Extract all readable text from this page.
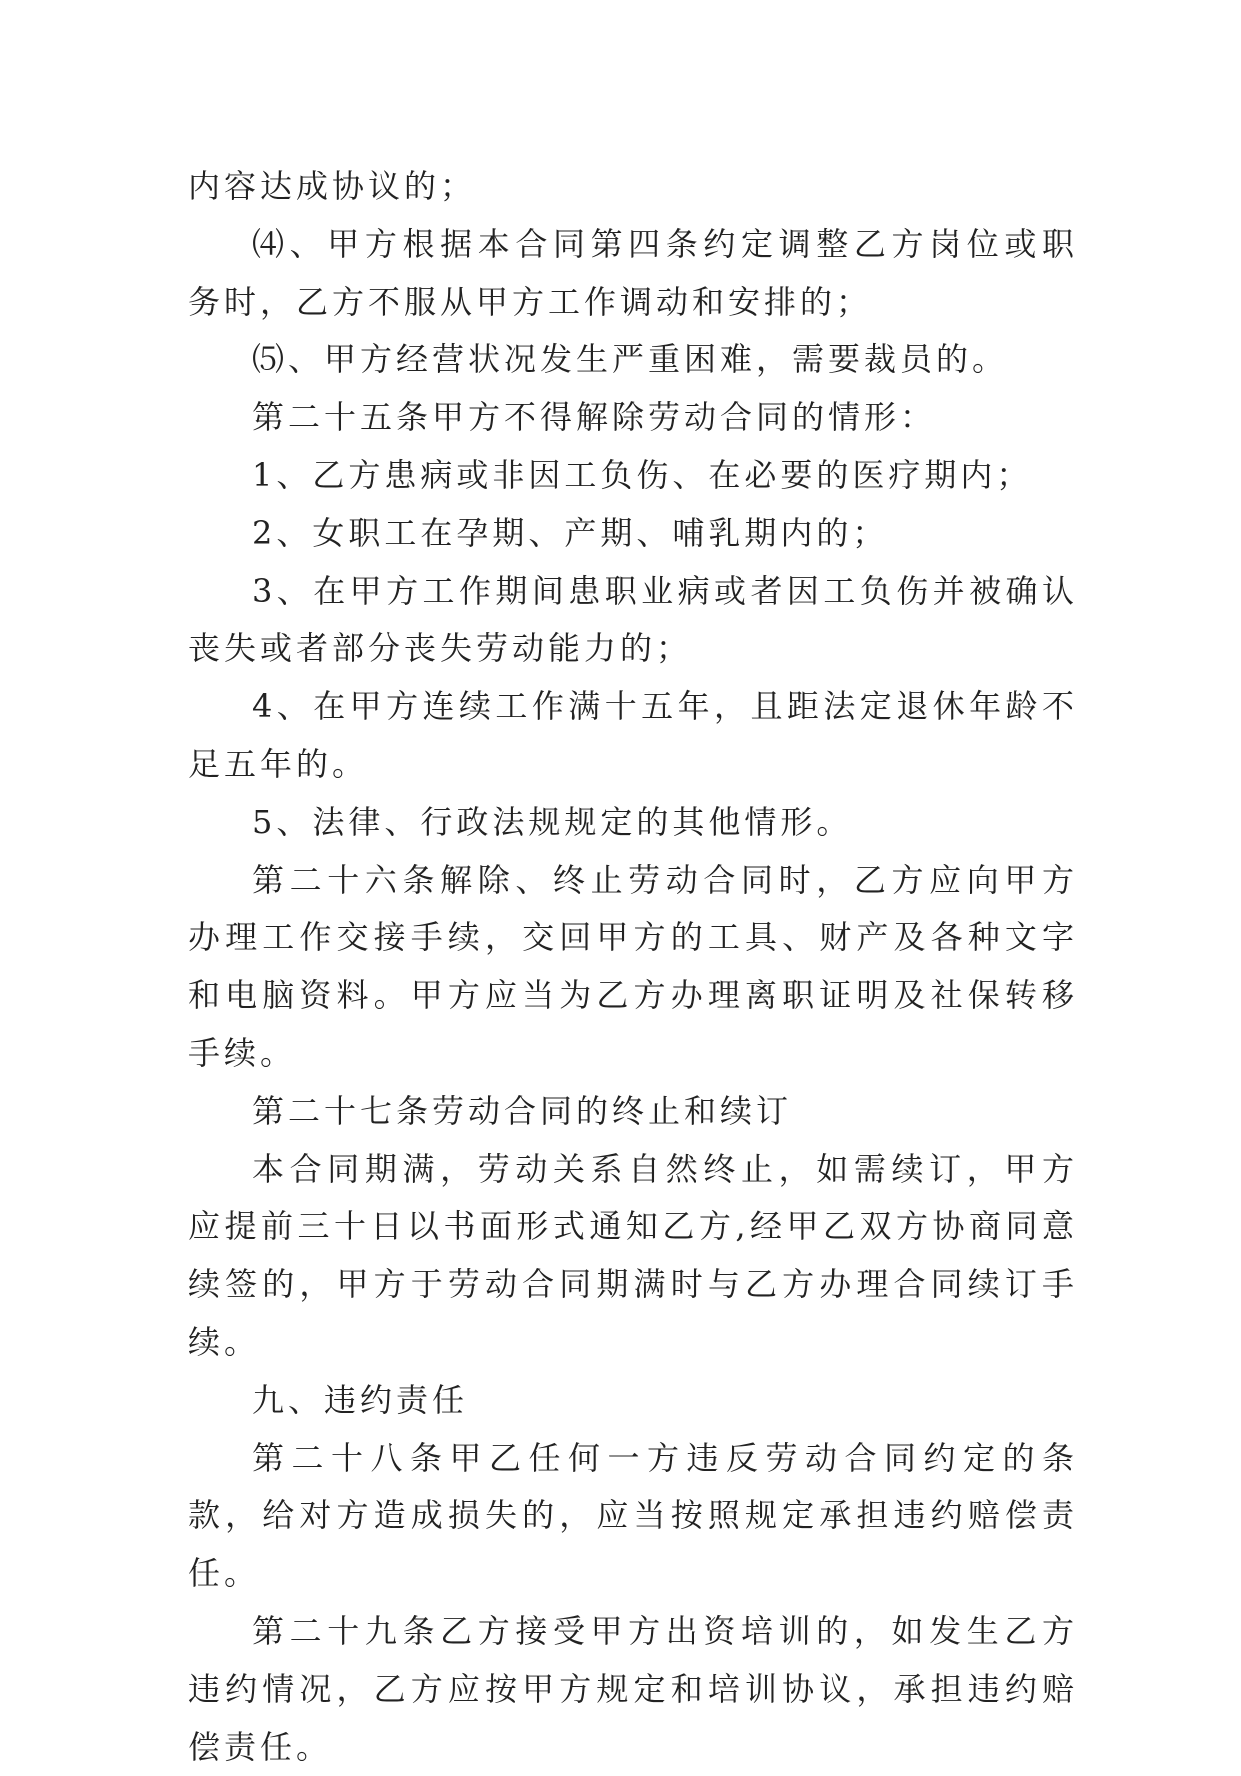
内容达成协议的；

⑷、甲方根据本合同第四条约定调整乙方岗位或职务时，乙方不服从甲方工作调动和安排的；

⑸、甲方经营状况发生严重困难，需要裁员的。

第二十五条甲方不得解除劳动合同的情形：

1、乙方患病或非因工负伤、在必要的医疗期内；

2、女职工在孕期、产期、哺乳期内的；

3、在甲方工作期间患职业病或者因工负伤并被确认丧失或者部分丧失劳动能力的；

4、在甲方连续工作满十五年，且距法定退休年龄不足五年的。

5、法律、行政法规规定的其他情形。

第二十六条解除、终止劳动合同时，乙方应向甲方办理工作交接手续，交回甲方的工具、财产及各种文字和电脑资料。甲方应当为乙方办理离职证明及社保转移手续。

第二十七条劳动合同的终止和续订

本合同期满，劳动关系自然终止，如需续订，甲方应提前三十日以书面形式通知乙方,经甲乙双方协商同意续签的，甲方于劳动合同期满时与乙方办理合同续订手续。

九、违约责任

第二十八条甲乙任何一方违反劳动合同约定的条款，给对方造成损失的，应当按照规定承担违约赔偿责任。

第二十九条乙方接受甲方出资培训的，如发生乙方违约情况，乙方应按甲方规定和培训协议，承担违约赔偿责任。
